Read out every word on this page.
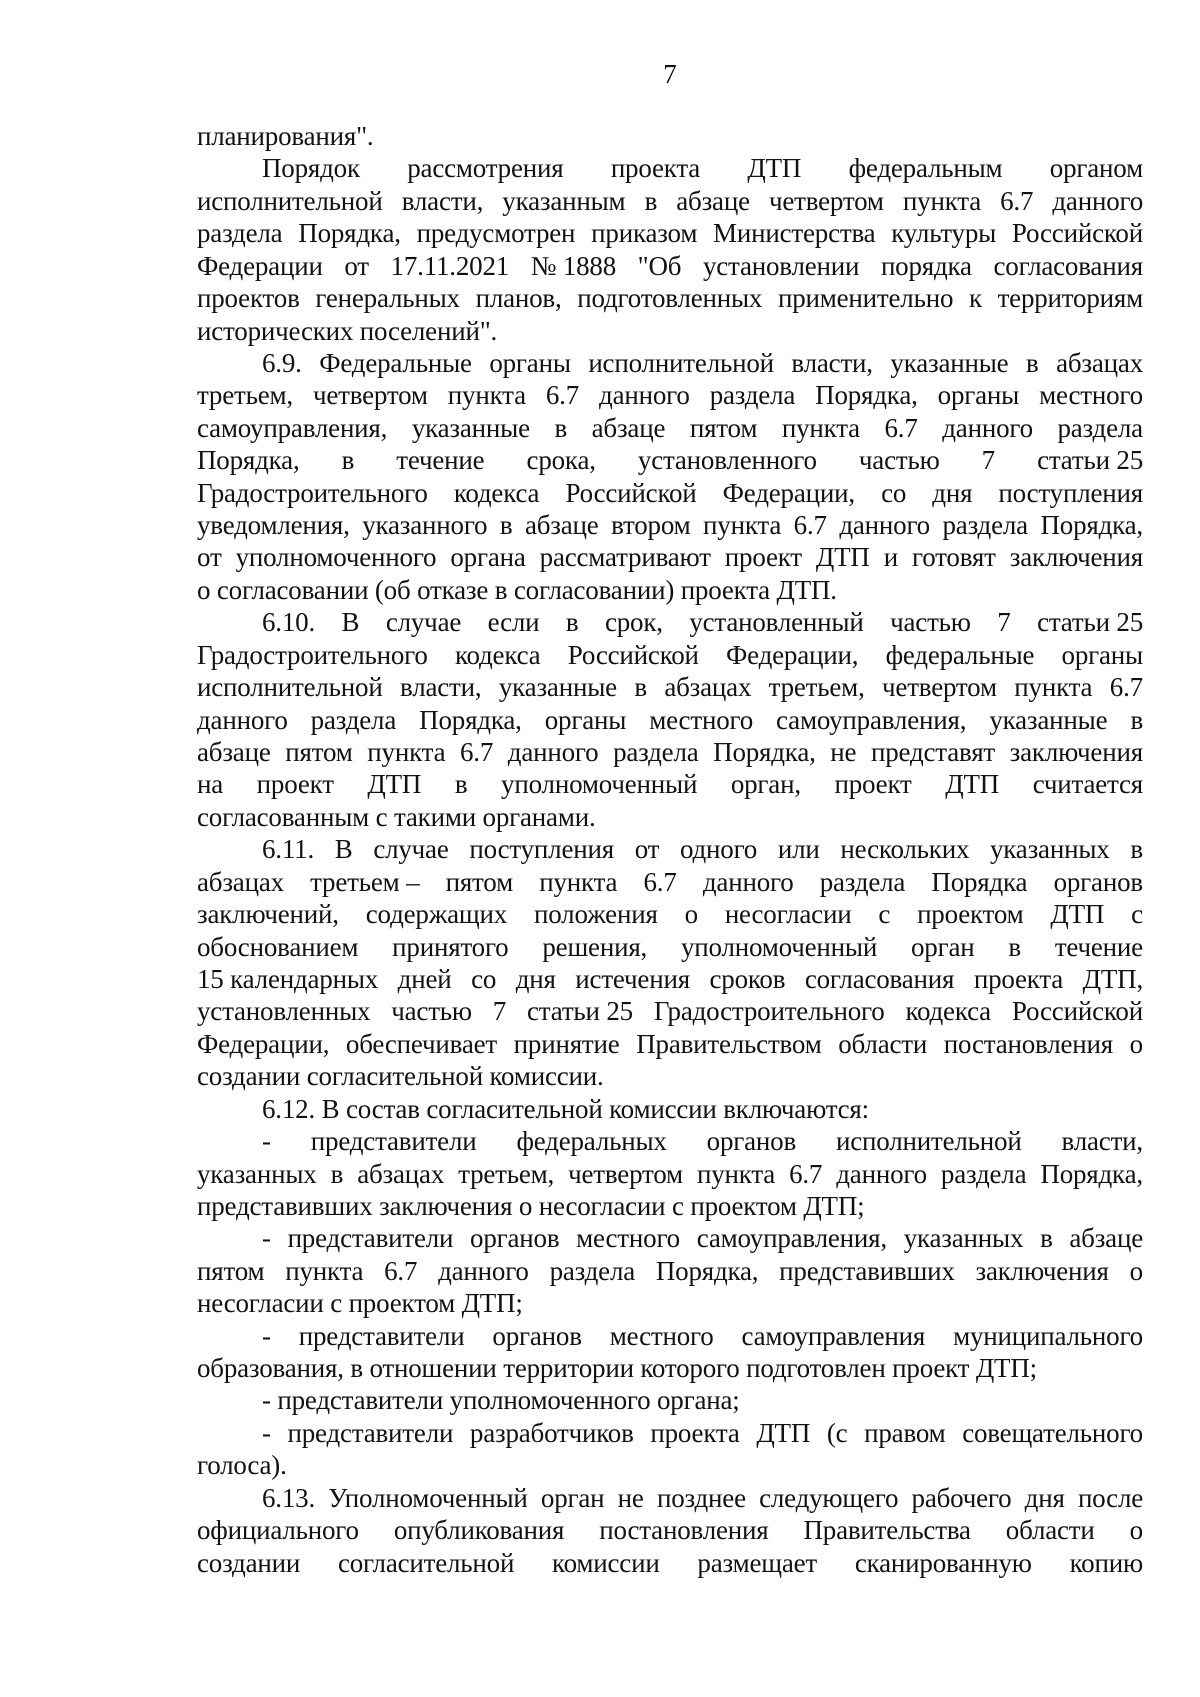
7
планирования".
Порядок рассмотрения проекта ДТП федеральным органом
исполнительной власти, указанным в абзаце четвертом пункта 6.7 данного
раздела Порядка, предусмотрен приказом Министерства культуры Российской
Федерации от 17.11.2021 № 1888 "Об установлении порядка согласования
проектов генеральных планов, подготовленных применительно к территориям
исторических поселений".
6.9. Федеральные органы исполнительной власти, указанные в абзацах
третьем, четвертом пункта 6.7 данного раздела Порядка, органы местного
самоуправления, указанные в абзаце пятом пункта 6.7 данного раздела
Порядка, в течение срока, установленного частью 7 статьи 25
Градостроительного кодекса Российской Федерации, со дня поступления
уведомления, указанного в абзаце втором пункта 6.7 данного раздела Порядка,
от уполномоченного органа рассматривают проект ДТП и готовят заключения
о согласовании (об отказе в согласовании) проекта ДТП.
6.10. В случае если в срок, установленный частью 7 статьи 25
Градостроительного кодекса Российской Федерации, федеральные органы
исполнительной власти, указанные в абзацах третьем, четвертом пункта 6.7
данного раздела Порядка, органы местного самоуправления, указанные в
абзаце пятом пункта 6.7 данного раздела Порядка, не представят заключения
на проект ДТП в уполномоченный орган, проект ДТП считается
согласованным с такими органами.
6.11. В случае поступления от одного или нескольких указанных в
абзацах третьем – пятом пункта 6.7 данного раздела Порядка органов
заключений, содержащих положения о несогласии с проектом ДТП с
обоснованием принятого решения, уполномоченный орган в течение
15 календарных дней со дня истечения сроков согласования проекта ДТП,
установленных частью 7 статьи 25 Градостроительного кодекса Российской
Федерации, обеспечивает принятие Правительством области постановления о
создании согласительной комиссии.
6.12. В состав согласительной комиссии включаются:
- представители федеральных органов исполнительной власти,
указанных в абзацах третьем, четвертом пункта 6.7 данного раздела Порядка,
представивших заключения о несогласии с проектом ДТП;
- представители органов местного самоуправления, указанных в абзаце
пятом пункта 6.7 данного раздела Порядка, представивших заключения о
несогласии с проектом ДТП;
- представители органов местного самоуправления муниципального
образования, в отношении территории которого подготовлен проект ДТП;
- представители уполномоченного органа;
- представители разработчиков проекта ДТП (с правом совещательного
голоса).
6.13. Уполномоченный орган не позднее следующего рабочего дня после
официального опубликования постановления Правительства области о
создании согласительной комиссии размещает сканированную копию
